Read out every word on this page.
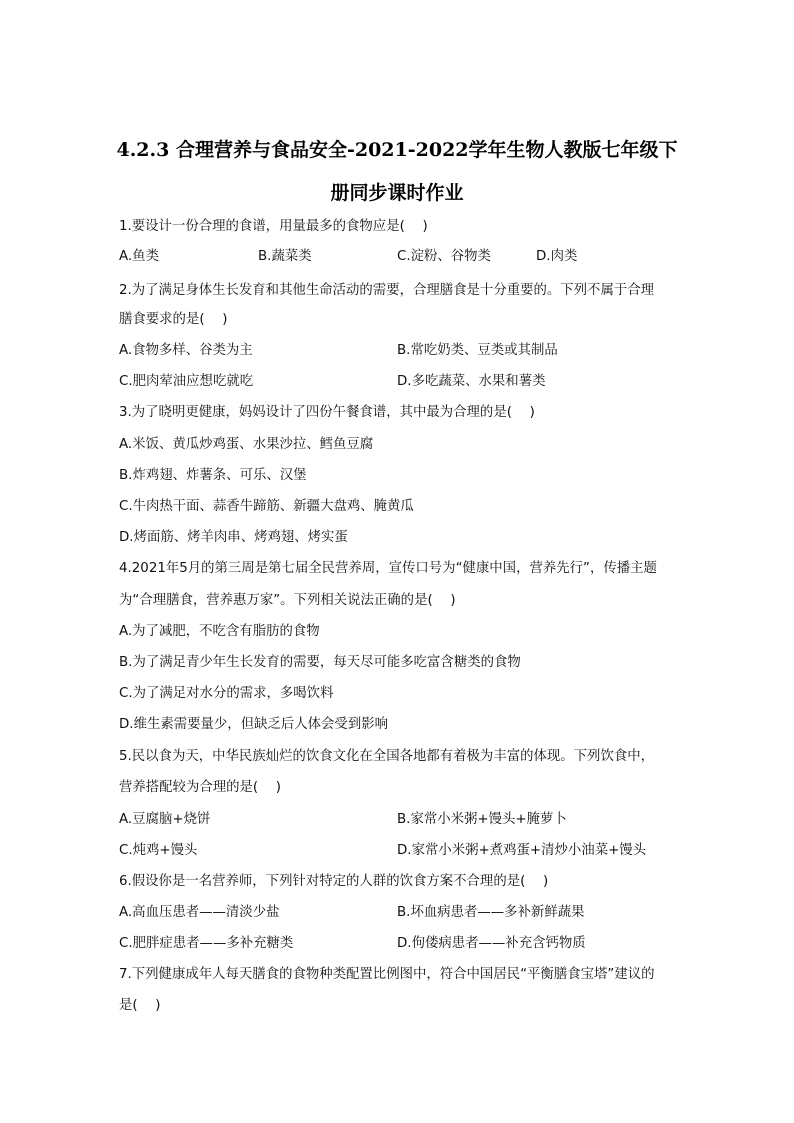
4.2.3 合理营养与食品安全-2021-2022学年生物人教版七年级下
册同步课时作业
1.要设计一份合理的食谱，用量最多的食物应是(　 )
A.鱼类	B.蔬菜类	C.淀粉、谷物类	D.肉类
2.为了满足身体生长发育和其他生命活动的需要，合理膳食是十分重要的。下列不属于合理
膳食要求的是(　 )
A.食物多样、谷类为主	B.常吃奶类、豆类或其制品
C.肥肉荤油应想吃就吃	D.多吃蔬菜、水果和薯类
3.为了晓明更健康，妈妈设计了四份午餐食谱，其中最为合理的是(　 )
A.米饭、黄瓜炒鸡蛋、水果沙拉、鳕鱼豆腐
B.炸鸡翅、炸薯条、可乐、汉堡
C.牛肉热干面、蒜香牛蹄筋、新疆大盘鸡、腌黄瓜
D.烤面筋、烤羊肉串、烤鸡翅、烤实蛋
4.2021年5月的第三周是第七届全民营养周，宣传口号为“健康中国，营养先行”，传播主题
为“合理膳食，营养惠万家”。下列相关说法正确的是(　 )
A.为了减肥，不吃含有脂肪的食物
B.为了满足青少年生长发育的需要，每天尽可能多吃富含糖类的食物
C.为了满足对水分的需求，多喝饮料
D.维生素需要量少，但缺乏后人体会受到影响
5.民以食为天，中华民族灿烂的饮食文化在全国各地都有着极为丰富的体现。下列饮食中，
营养搭配较为合理的是(　 )
A.豆腐脑+烧饼	B.家常小米粥+馒头+腌萝卜
C.炖鸡+馒头	D.家常小米粥+煮鸡蛋+清炒小油菜+馒头
6.假设你是一名营养师，下列针对特定的人群的饮食方案不合理的是(　 )
A.高血压患者——清淡少盐	B.坏血病患者——多补新鲜蔬果
C.肥胖症患者——多补充糖类	D.佝偻病患者——补充含钙物质
7.下列健康成年人每天膳食的食物种类配置比例图中，符合中国居民“平衡膳食宝塔”建议的
是(　 )
